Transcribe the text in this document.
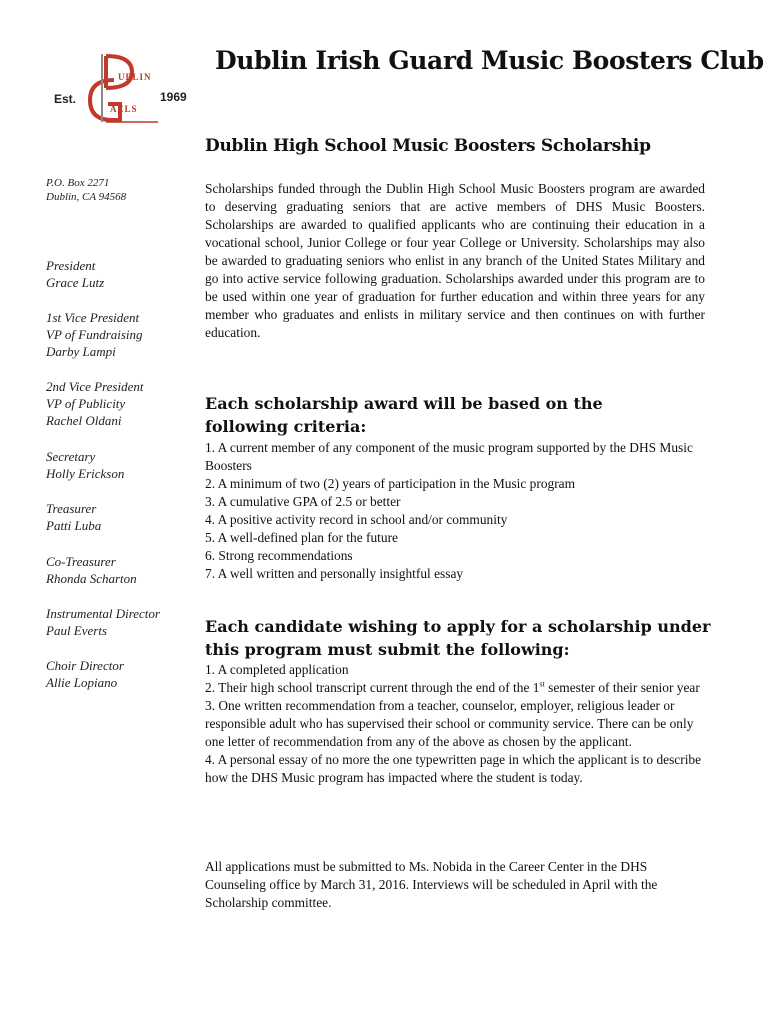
Est.
UBLIN
AELS
1969
Dublin Irish Guard Music Boosters Club
P.O. Box 2271
Dublin, CA 94568
President
Grace Lutz
1st Vice President
VP of Fundraising
Darby Lampi
2nd Vice President
VP of Publicity
Rachel Oldani
Secretary
Holly Erickson
Treasurer
Patti Luba
Co-Treasurer
Rhonda Scharton
Instrumental Director
Paul Everts
Choir Director
Allie Lopiano
Dublin High School Music Boosters Scholarship
Scholarships funded through the Dublin High School Music Boosters program are awarded to deserving graduating seniors that are active members of DHS Music Boosters. Scholarships are awarded to qualified applicants who are continuing their education in a vocational school, Junior College or four year College or University. Scholarships may also be awarded to graduating seniors who enlist in any branch of the United States Military and go into active service following graduation. Scholarships awarded under this program are to be used within one year of graduation for further education and within three years for any member who graduates and enlists in military service and then continues on with further education.
Each scholarship award will be based on the following criteria:
1. A current member of any component of the music program supported by the DHS Music Boosters
2. A minimum of two (2) years of participation in the Music program
3. A cumulative GPA of 2.5 or better
4. A positive activity record in school and/or community
5. A well-defined plan for the future
6. Strong recommendations
7. A well written and personally insightful essay
Each candidate wishing to apply for a scholarship under this program must submit the following:
1. A completed application
2. Their high school transcript current through the end of the 1st semester of their senior year
3. One written recommendation from a teacher, counselor, employer, religious leader or responsible adult who has supervised their school or community service. There can be only one letter of recommendation from any of the above as chosen by the applicant.
4. A personal essay of no more the one typewritten page in which the applicant is to describe how the DHS Music program has impacted where the student is today.
All applications must be submitted to Ms. Nobida in the Career Center in the DHS Counseling office by March 31, 2016. Interviews will be scheduled in April with the Scholarship committee.
